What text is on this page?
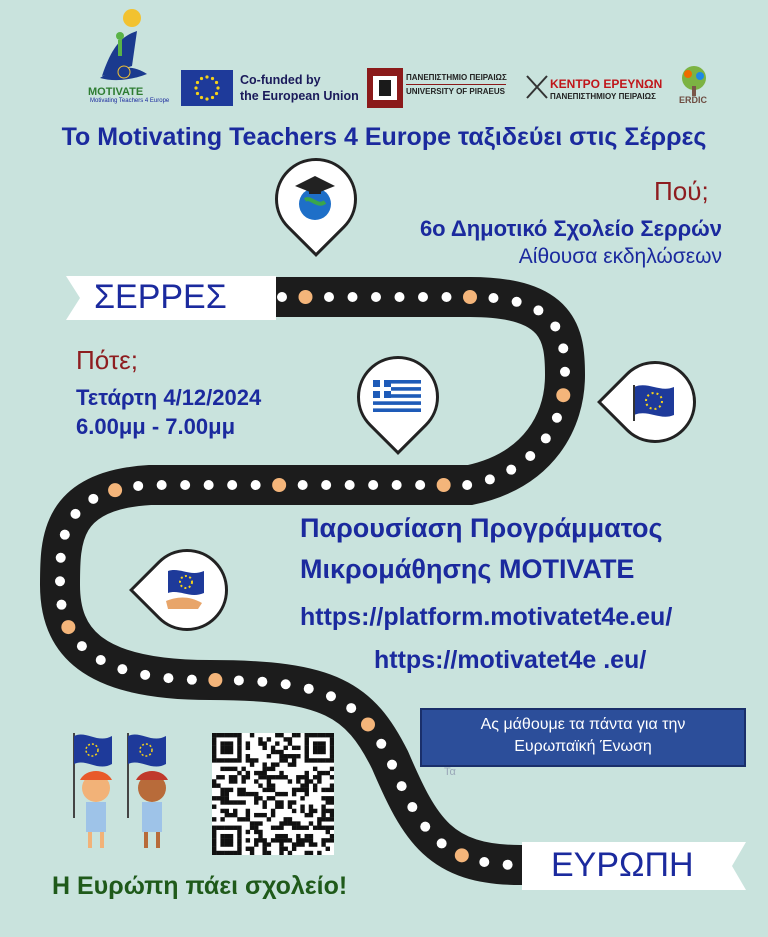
MOTIVATE
Motivating Teachers 4 Europe
Co-funded by
the European Union
ΠΑΝΕΠΙΣΤΗΜΙΟ ΠΕΙΡΑΙΩΣ
UNIVERSITY OF PIRAEUS
ΚΕΝΤΡΟ ΕΡΕΥΝΩΝ
ΠΑΝΕΠΙΣΤΗΜΙΟΥ ΠΕΙΡΑΙΩΣ	ERDIC
Το Motivating Teachers 4 Europe ταξιδεύει στις Σέρρες
Πού;
6ο Δημοτικό Σχολείο Σερρών
Αίθουσα εκδηλώσεων
ΣΕΡΡΕΣ
Πότε;
Τετάρτη 4/12/2024
6.00μμ - 7.00μμ
Παρουσίαση Προγράμματος
Μικρομάθησης MOTIVATE
https://platform.motivatet4e.eu/
https://motivatet4e .eu/
Ας μάθουμε τα πάντα για την
Ευρωπαϊκή Ένωση
Τα
Η Ευρώπη πάει σχολείο!
ΕΥΡΩΠΗ
